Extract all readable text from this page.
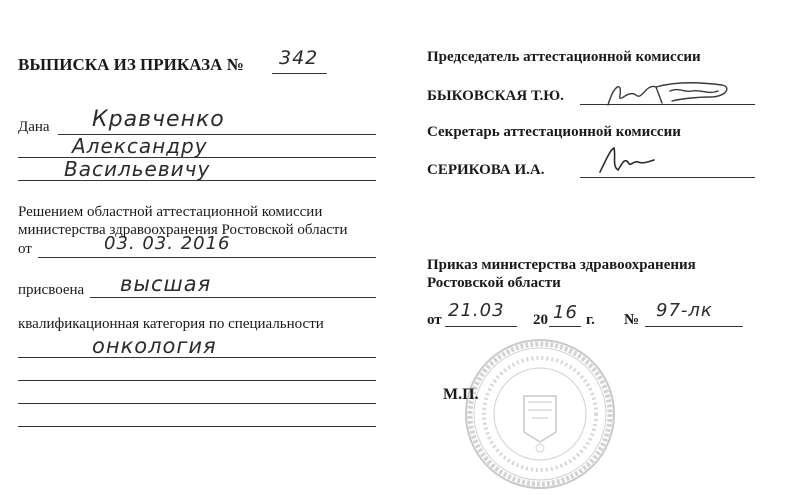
ВЫПИСКА ИЗ ПРИКАЗА № 342
Дана Кравченко
Александру
Васильевичу
Решением областной аттестационной комиссии
министерства здравоохранения Ростовской области
от	03. 03. 2016
присвоена высшая
квалификационная категория по специальности
онкология
Председатель аттестационной комиссии
БЫКОВСКАЯ Т.Ю.
Секретарь аттестационной комиссии
СЕРИКОВА И.А.
Приказ министерства здравоохранения
Ростовской области
от 21.03 20 16 г. № 97-лк
М.П.
